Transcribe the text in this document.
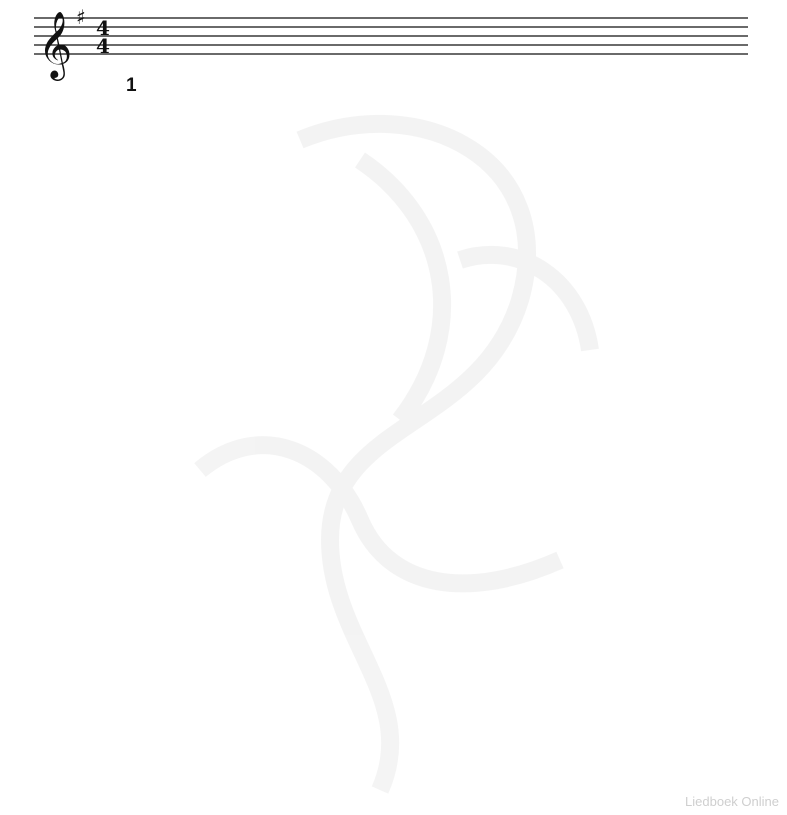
𝄞 ♯ 4
4
1
Liedboek Online
